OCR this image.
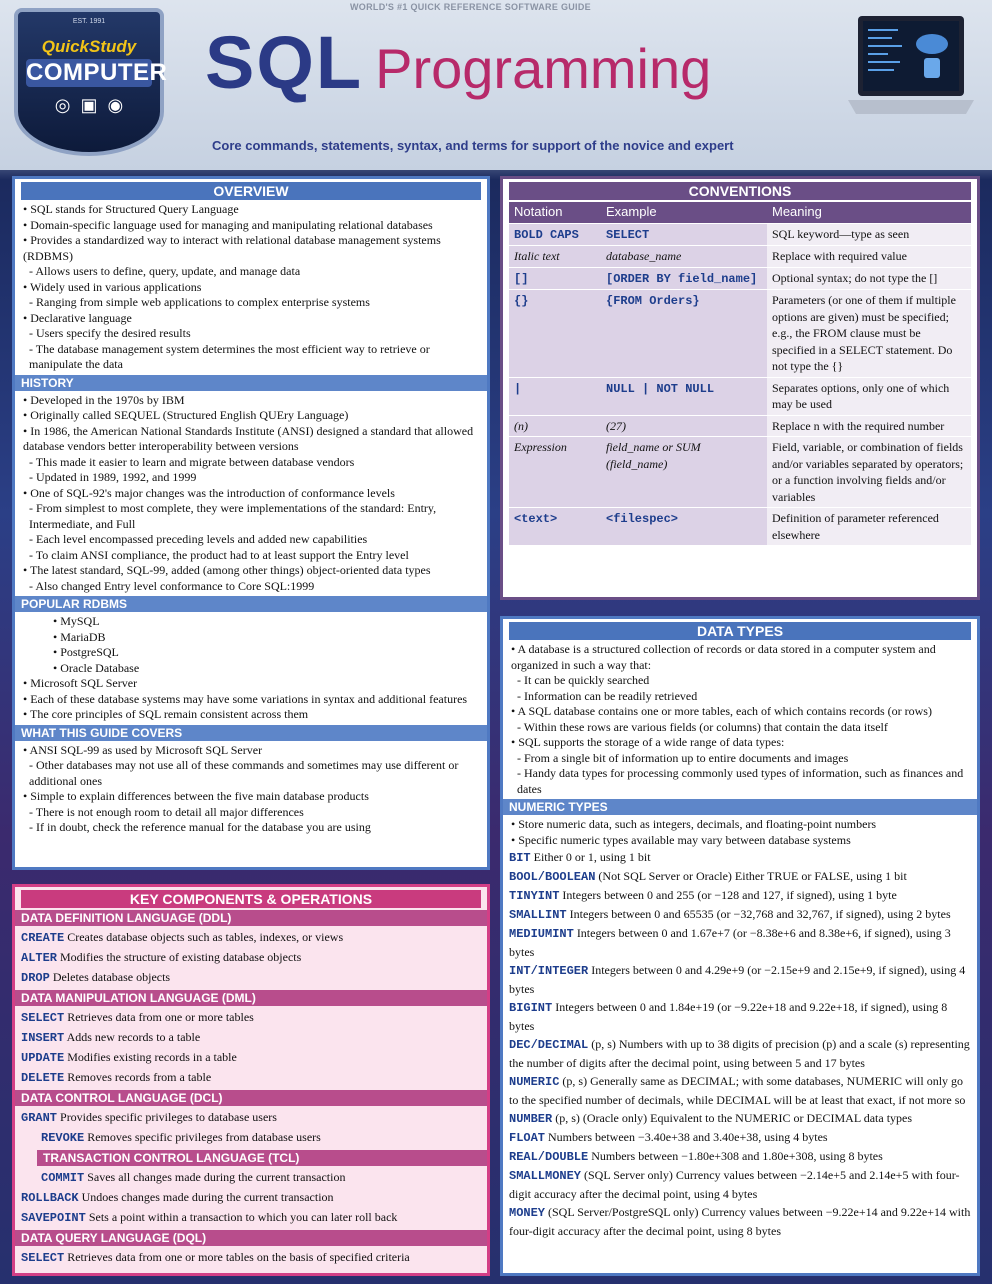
WORLD'S #1 QUICK REFERENCE SOFTWARE GUIDE
EST. 1991
QuickStudy
COMPUTER
◎ ▣ ◉
SQL Programming
Core commands, statements, syntax, and terms for support of the novice and expert
OVERVIEW
• SQL stands for Structured Query Language
• Domain-specific language used for managing and manipulating relational databases
• Provides a standardized way to interact with relational database management systems (RDBMS)
- Allows users to define, query, update, and manage data
• Widely used in various applications
- Ranging from simple web applications to complex enterprise systems
• Declarative language
- Users specify the desired results
- The database management system determines the most efficient way to retrieve or manipulate the data
HISTORY
• Developed in the 1970s by IBM
• Originally called SEQUEL (Structured English QUEry Language)
• In 1986, the American National Standards Institute (ANSI) designed a standard that allowed database vendors better interoperability between versions
- This made it easier to learn and migrate between database vendors
- Updated in 1989, 1992, and 1999
• One of SQL-92's major changes was the introduction of conformance levels
- From simplest to most complete, they were implementations of the standard: Entry, Intermediate, and Full
- Each level encompassed preceding levels and added new capabilities
- To claim ANSI compliance, the product had to at least support the Entry level
• The latest standard, SQL-99, added (among other things) object-oriented data types
- Also changed Entry level conformance to Core SQL:1999
POPULAR RDBMS
• MySQL
• MariaDB
• PostgreSQL
• Oracle Database
• Microsoft SQL Server
• Each of these database systems may have some variations in syntax and additional features
• The core principles of SQL remain consistent across them
WHAT THIS GUIDE COVERS
• ANSI SQL-99 as used by Microsoft SQL Server
- Other databases may not use all of these commands and sometimes may use different or additional ones
• Simple to explain differences between the five main database products
- There is not enough room to detail all major differences
- If in doubt, check the reference manual for the database you are using
KEY COMPONENTS & OPERATIONS
DATA DEFINITION LANGUAGE (DDL)

CREATE Creates database objects such as tables, indexes, or views

ALTER Modifies the structure of existing database objects

DROP Deletes database objects

DATA MANIPULATION LANGUAGE (DML)

SELECT Retrieves data from one or more tables

INSERT Adds new records to a table

UPDATE Modifies existing records in a table

DELETE Removes records from a table

DATA CONTROL LANGUAGE (DCL)

GRANT Provides specific privileges to database users

REVOKE Removes specific privileges from database users

TRANSACTION CONTROL LANGUAGE (TCL)

COMMIT Saves all changes made during the current transaction

ROLLBACK Undoes changes made during the current transaction

SAVEPOINT Sets a point within a transaction to which you can later roll back

DATA QUERY LANGUAGE (DQL)

SELECT Retrieves data from one or more tables on the basis of specified criteria

CONVENTIONS
Notation	Example	Meaning
BOLD CAPS	SELECT	SQL keyword—type as seen
Italic text	database_name	Replace with required value
[]	[ORDER BY field_name]	Optional syntax; do not type the []
{}	{FROM Orders}	Parameters (or one of them if multiple options are given) must be specified; e.g., the FROM clause must be specified in a SELECT statement. Do not type the {}
|	NULL | NOT NULL	Separates options, only one of which may be used
(n)	(27)	Replace n with the required number
Expression	field_name or SUM (field_name)	Field, variable, or combination of fields and/or variables separated by operators; or a function involving fields and/or variables
<text>	<filespec>	Definition of parameter referenced elsewhere
DATA TYPES
• A database is a structured collection of records or data stored in a computer system and organized in such a way that:
- It can be quickly searched
- Information can be readily retrieved
• A SQL database contains one or more tables, each of which contains records (or rows)
- Within these rows are various fields (or columns) that contain the data itself
• SQL supports the storage of a wide range of data types:
- From a single bit of information up to entire documents and images
- Handy data types for processing commonly used types of information, such as finances and dates
NUMERIC TYPES
• Store numeric data, such as integers, decimals, and floating-point numbers
• Specific numeric types available may vary between database systems

BIT Either 0 or 1, using 1 bit

BOOL/BOOLEAN (Not SQL Server or Oracle) Either TRUE or FALSE, using 1 bit

TINYINT Integers between 0 and 255 (or −128 and 127, if signed), using 1 byte

SMALLINT Integers between 0 and 65535 (or −32,768 and 32,767, if signed), using 2 bytes

MEDIUMINT Integers between 0 and 1.67e+7 (or −8.38e+6 and 8.38e+6, if signed), using 3 bytes

INT/INTEGER Integers between 0 and 4.29e+9 (or −2.15e+9 and 2.15e+9, if signed), using 4 bytes

BIGINT Integers between 0 and 1.84e+19 (or −9.22e+18 and 9.22e+18, if signed), using 8 bytes

DEC/DECIMAL (p, s) Numbers with up to 38 digits of precision (p) and a scale (s) representing the number of digits after the decimal point, using between 5 and 17 bytes

NUMERIC (p, s) Generally same as DECIMAL; with some databases, NUMERIC will only go to the specified number of decimals, while DECIMAL will be at least that exact, if not more so

NUMBER (p, s) (Oracle only) Equivalent to the NUMERIC or DECIMAL data types

FLOAT Numbers between −3.40e+38 and 3.40e+38, using 4 bytes

REAL/DOUBLE Numbers between −1.80e+308 and 1.80e+308, using 8 bytes

SMALLMONEY (SQL Server only) Currency values between −2.14e+5 and 2.14e+5 with four-digit accuracy after the decimal point, using 4 bytes

MONEY (SQL Server/PostgreSQL only) Currency values between −9.22e+14 and 9.22e+14 with four-digit accuracy after the decimal point, using 8 bytes
